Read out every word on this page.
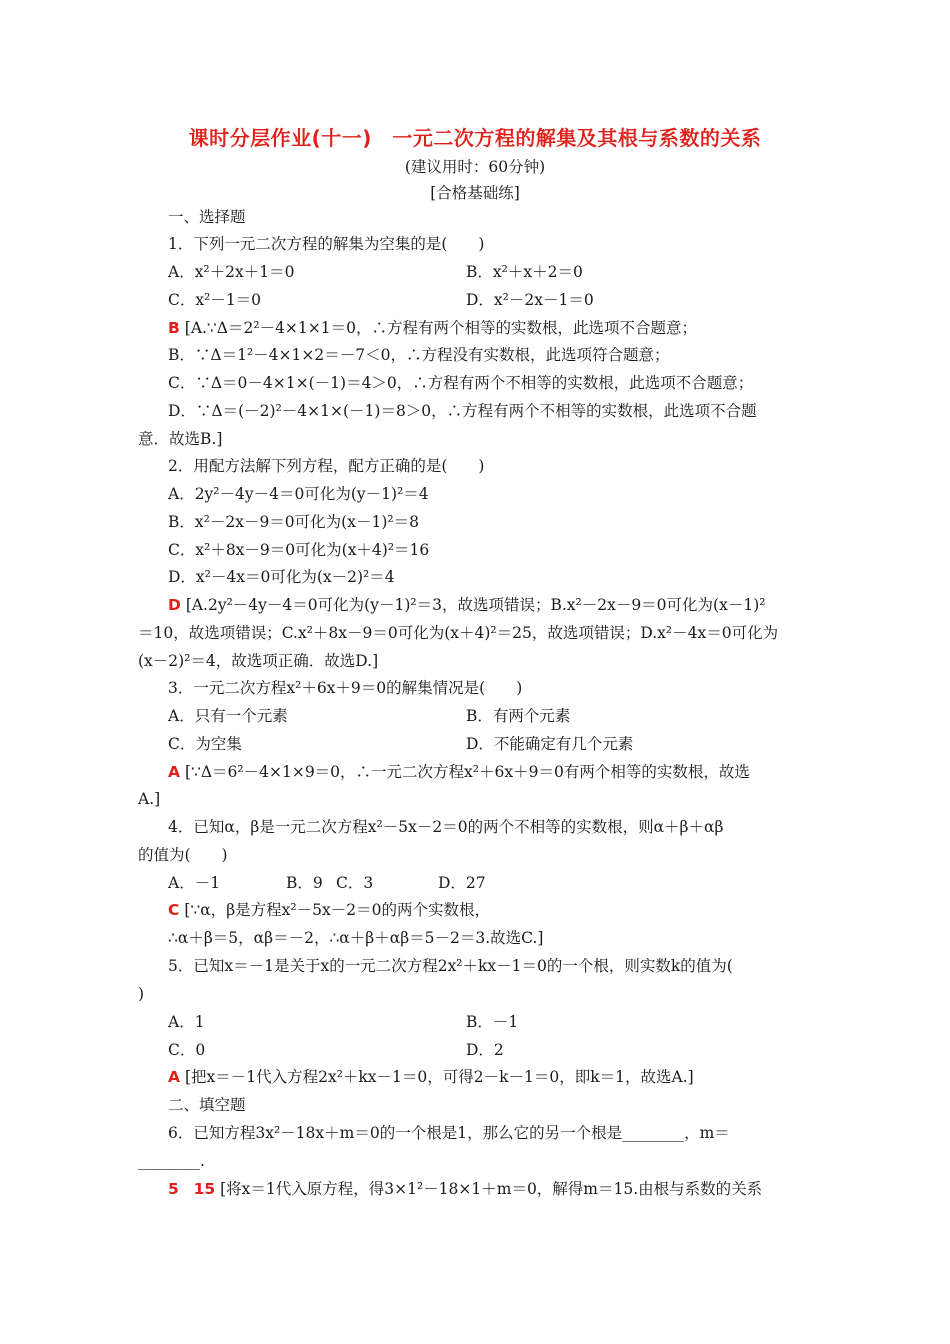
课时分层作业(十一)　一元二次方程的解集及其根与系数的关系
(建议用时：60分钟)
[合格基础练]
一、选择题
1．下列一元二次方程的解集为空集的是(　　)
A．x²＋2x＋1＝0	B．x²＋x＋2＝0
C．x²－1＝0	D．x²－2x－1＝0
B [A.∵Δ＝2²－4×1×1＝0，∴方程有两个相等的实数根，此选项不合题意；
B．∵Δ＝1²－4×1×2＝－7＜0，∴方程没有实数根，此选项符合题意；
C．∵Δ＝0－4×1×(－1)＝4＞0，∴方程有两个不相等的实数根，此选项不合题意；
D．∵Δ＝(－2)²－4×1×(－1)＝8＞0，∴方程有两个不相等的实数根，此选项不合题
意．故选B.]
2．用配方法解下列方程，配方正确的是(　　)
A．2y²－4y－4＝0可化为(y－1)²＝4
B．x²－2x－9＝0可化为(x－1)²＝8
C．x²＋8x－9＝0可化为(x＋4)²＝16
D．x²－4x＝0可化为(x－2)²＝4
D [A.2y²－4y－4＝0可化为(y－1)²＝3，故选项错误；B.x²－2x－9＝0可化为(x－1)²
＝10，故选项错误；C.x²＋8x－9＝0可化为(x＋4)²＝25，故选项错误；D.x²－4x＝0可化为
(x－2)²＝4，故选项正确．故选D.]
3．一元二次方程x²＋6x＋9＝0的解集情况是(　　)
A．只有一个元素	B．有两个元素
C．为空集	D．不能确定有几个元素
A [∵Δ＝6²－4×1×9＝0，∴一元二次方程x²＋6x＋9＝0有两个相等的实数根，故选
A.]
4．已知α，β是一元二次方程x²－5x－2＝0的两个不相等的实数根，则α＋β＋αβ
的值为(　　)
A．－1	B．9 C．3	D．27
C [∵α，β是方程x²－5x－2＝0的两个实数根，
∴α＋β＝5，αβ＝－2，∴α＋β＋αβ＝5－2＝3.故选C.]
5．已知x＝－1是关于x的一元二次方程2x²＋kx－1＝0的一个根，则实数k的值为(
)
A．1	B．－1
C．0	D．2
A [把x＝－1代入方程2x²＋kx－1＝0，可得2－k－1＝0，即k＝1，故选A.]
二、填空题
6．已知方程3x²－18x＋m＝0的一个根是1，那么它的另一个根是________，m＝
________.
5 15 [将x＝1代入原方程，得3×1²－18×1＋m＝0，解得m＝15.由根与系数的关系
